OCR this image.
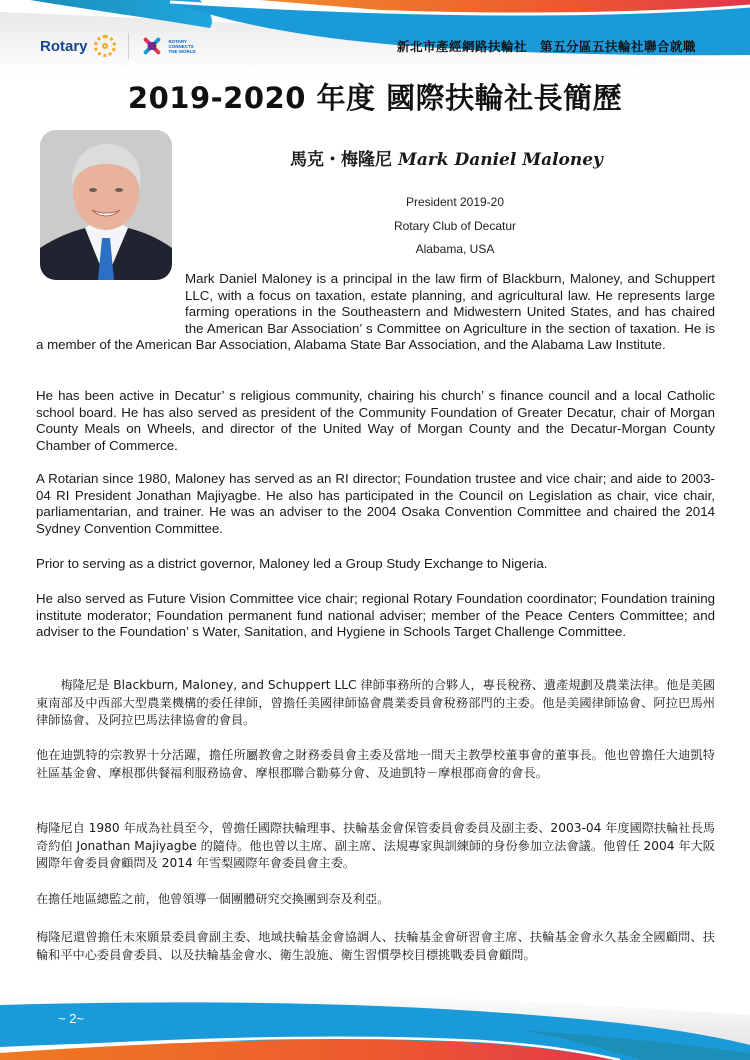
Rotary	ROTARY
CONNECTS
THE WORLD	新北市產經網路扶輪社　第五分區五扶輪社聯合就職
2019-2020 年度 國際扶輪社長簡歷
馬克・梅隆尼 Mark Daniel Maloney
President 2019-20
Rotary Club of Decatur
Alabama, USA

Mark Daniel Maloney is a principal in the law firm of Blackburn, Maloney, and Schuppert LLC, with a focus on taxation, estate planning, and agricultural law. He represents large farming operations in the Southeastern and Midwestern United States, and has chaired the American Bar Association’ s Committee on Agriculture in the section of taxation. He is a member of the American Bar Association, Alabama State Bar Association, and the Alabama Law Institute.

He has been active in Decatur’ s religious community, chairing his church’ s finance council and a local Catholic school board. He has also served as president of the Community Foundation of Greater Decatur, chair of Morgan County Meals on Wheels, and director of the United Way of Morgan County and the Decatur-Morgan County Chamber of Commerce.

A Rotarian since 1980, Maloney has served as an RI director; Foundation trustee and vice chair; and aide to 2003-04 RI President Jonathan Majiyagbe. He also has participated in the Council on Legislation as chair, vice chair, parliamentarian, and trainer. He was an adviser to the 2004 Osaka Convention Committee and chaired the 2014 Sydney Convention Committee.

Prior to serving as a district governor, Maloney led a Group Study Exchange to Nigeria.

He also served as Future Vision Committee vice chair; regional Rotary Foundation coordinator; Foundation training institute moderator; Foundation permanent fund national adviser; member of the Peace Centers Committee; and adviser to the Foundation’ s Water, Sanitation, and Hygiene in Schools Target Challenge Committee.

　　梅隆尼是 Blackburn, Maloney, and Schuppert LLC 律師事務所的合夥人，專長稅務、遺產規劃及農業法律。他是美國東南部及中西部大型農業機構的委任律師，曾擔任美國律師協會農業委員會稅務部門的主委。他是美國律師協會、阿拉巴馬州律師協會、及阿拉巴馬法律協會的會員。

他在迪凱特的宗教界十分活躍，擔任所屬教會之財務委員會主委及當地一間天主教學校董事會的董事長。他也曾擔任大迪凱特社區基金會、摩根郡供餐福利服務協會、摩根郡聯合勸募分會、及迪凱特－摩根郡商會的會長。

梅隆尼自 1980 年成為社員至今，曾擔任國際扶輪理事、扶輪基金會保管委員會委員及副主委、2003-04 年度國際扶輪社長馬奇約伯 Jonathan Majiyagbe 的隨侍。他也曾以主席、副主席、法規專家與訓練師的身份參加立法會議。他曾任 2004 年大阪國際年會委員會顧問及 2014 年雪梨國際年會委員會主委。

在擔任地區總監之前，他曾領導一個團體研究交換團到奈及利亞。

梅隆尼還曾擔任未來願景委員會副主委、地域扶輪基金會協調人、扶輪基金會研習會主席、扶輪基金會永久基金全國顧問、扶輪和平中心委員會委員、以及扶輪基金會水、衛生設施、衛生習慣學校目標挑戰委員會顧問。

~ 2~
